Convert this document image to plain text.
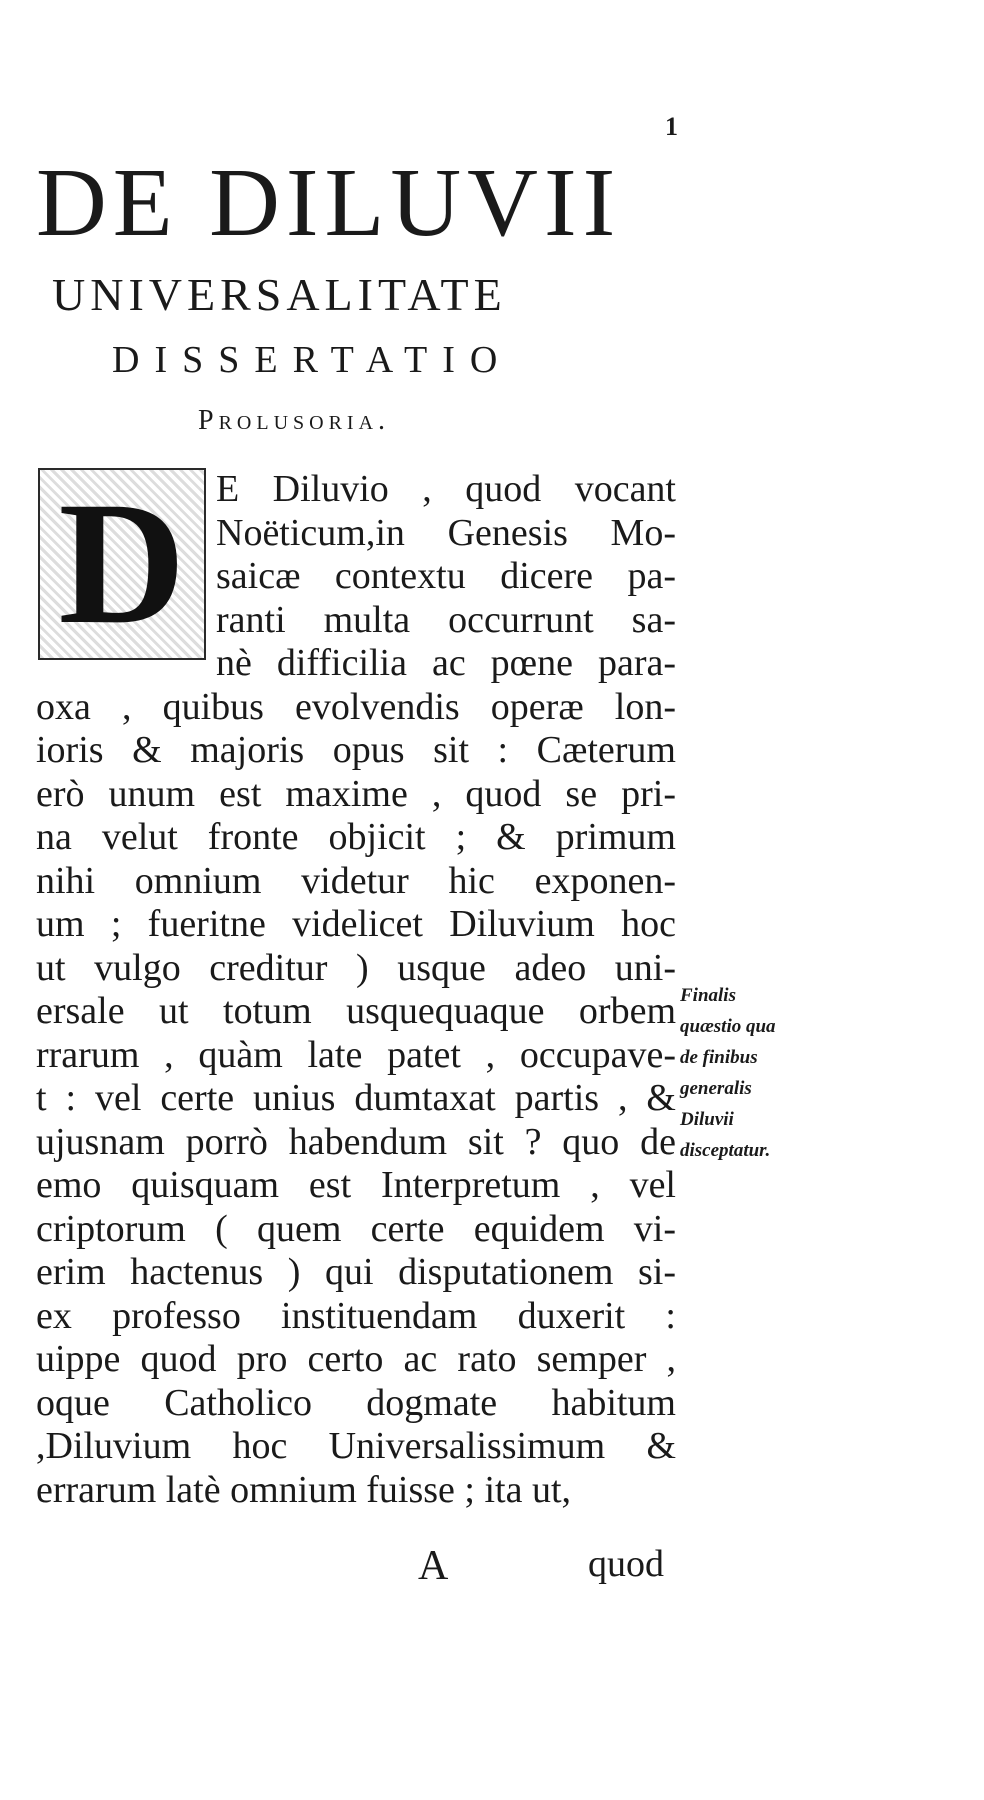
1
DE DILUVII
UNIVERSALITATE
DISSERTATIO
Prolusoria.
D E Diluvio , quod vocant
Noëticum,in Genesis Mo-
saicæ contextu dicere pa-
ranti multa occurrunt sa-
nè difficilia ac pœne para-
oxa , quibus evolvendis operæ lon-
ioris & majoris opus sit : Cæterum
erò unum est maxime , quod se pri-
na velut fronte objicit ; & primum
nihi omnium videtur hic exponen-
um ; fueritne videlicet Diluvium hoc
ut vulgo creditur ) usque adeo uni-
ersale ut totum usquequaque orbem
rrarum , quàm late patet , occupave-
t : vel certe unius dumtaxat partis , &
ujusnam porrò habendum sit ? quo de
emo quisquam est Interpretum , vel
criptorum ( quem certe equidem vi-
erim hactenus ) qui disputationem si-
ex professo instituendam duxerit :
uippe quod pro certo ac rato semper ,
oque Catholico dogmate habitum
,Diluvium hoc Universalissimum &
errarum latè omnium fuisse ; ita ut,
Finalis
quæstio qua
de finibus
generalis
Diluvii
disceptatur.
A	quod
